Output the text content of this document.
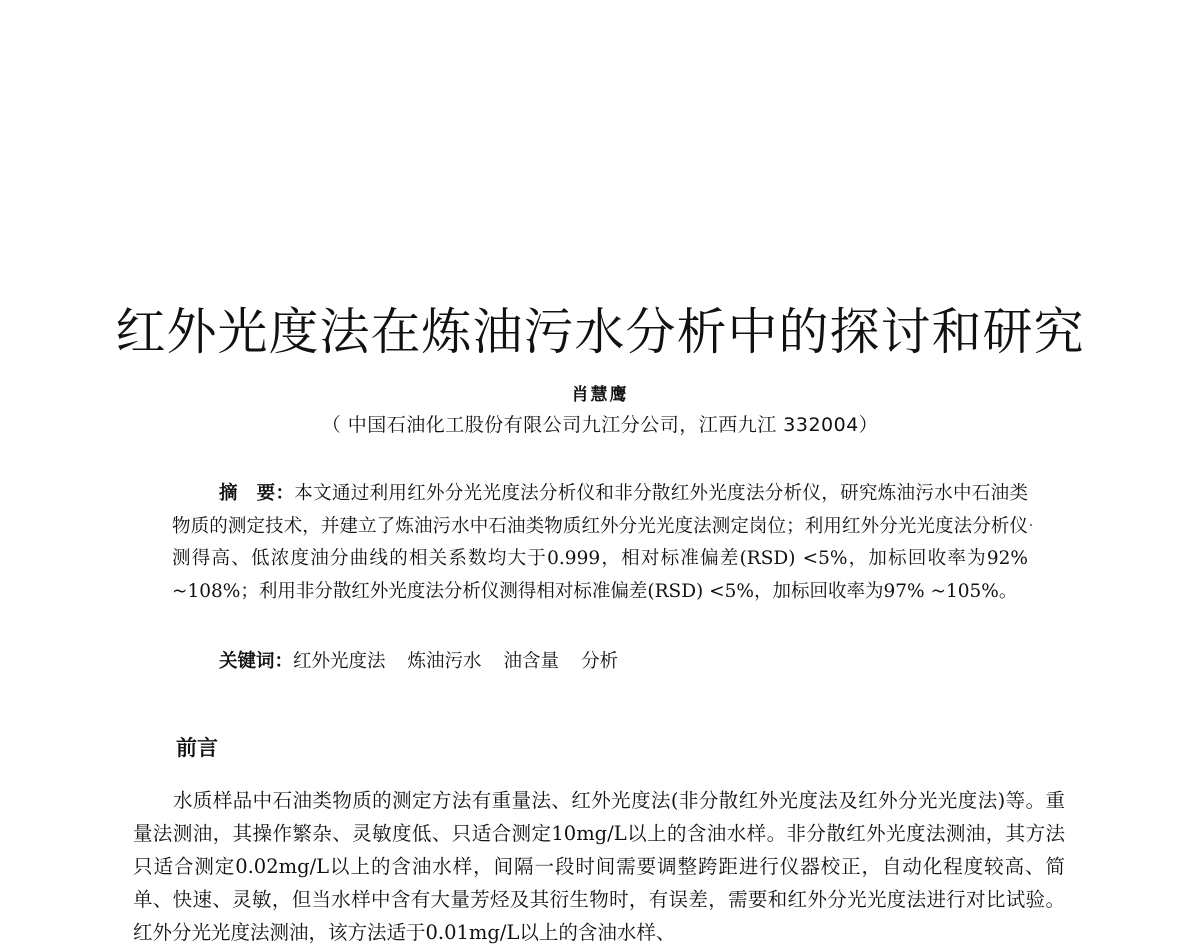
红外光度法在炼油污水分析中的探讨和研究
肖慧鹰
（ 中国石油化工股份有限公司九江分公司，江西九江 332004）

摘　要：本文通过利用红外分光光度法分析仪和非分散红外光度法分析仪，研究炼油污水中石油类物质的测定技术，并建立了炼油污水中石油类物质红外分光光度法测定岗位；利用红外分光光度法分析仪测得高、低浓度油分曲线的相关系数均大于0.999，相对标准偏差(RSD) <5%，加标回收率为92% ~108%；利用非分散红外光度法分析仪测得相对标准偏差(RSD) <5%，加标回收率为97% ~105%。

关键词：红外光度法 炼油污水 油含量 分析
前言

水质样品中石油类物质的测定方法有重量法、红外光度法(非分散红外光度法及红外分光光度法)等。重量法测油，其操作繁杂、灵敏度低、只适合测定10mg/L以上的含油水样。非分散红外光度法测油，其方法只适合测定0.02mg/L以上的含油水样，间隔一段时间需要调整跨距进行仪器校正，自动化程度较高、简单、快速、灵敏，但当水样中含有大量芳烃及其衍生物时，有误差，需要和红外分光光度法进行对比试验。红外分光光度法测油，该方法适于0.01mg/L以上的含油水样、
